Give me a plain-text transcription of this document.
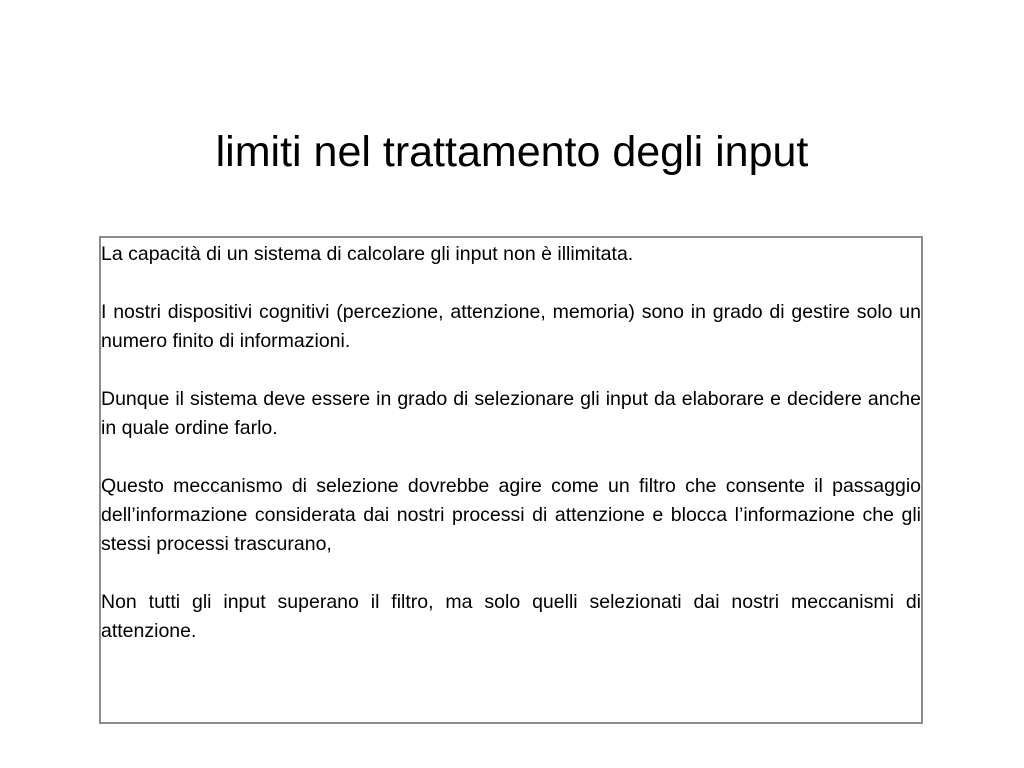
limiti nel trattamento degli input

La capacità di un sistema di calcolare gli input non è illimitata.

I nostri dispositivi cognitivi (percezione, attenzione, memoria) sono in grado di gestire solo un numero finito di informazioni.

Dunque il sistema deve essere in grado di selezionare gli input da elaborare e decidere anche in quale ordine farlo.

Questo meccanismo di selezione dovrebbe agire come un filtro che consente il passaggio dell’informazione considerata dai nostri processi di attenzione e blocca l’informazione che gli stessi processi trascurano,

Non tutti gli input superano il filtro, ma solo quelli selezionati dai nostri meccanismi di attenzione.
